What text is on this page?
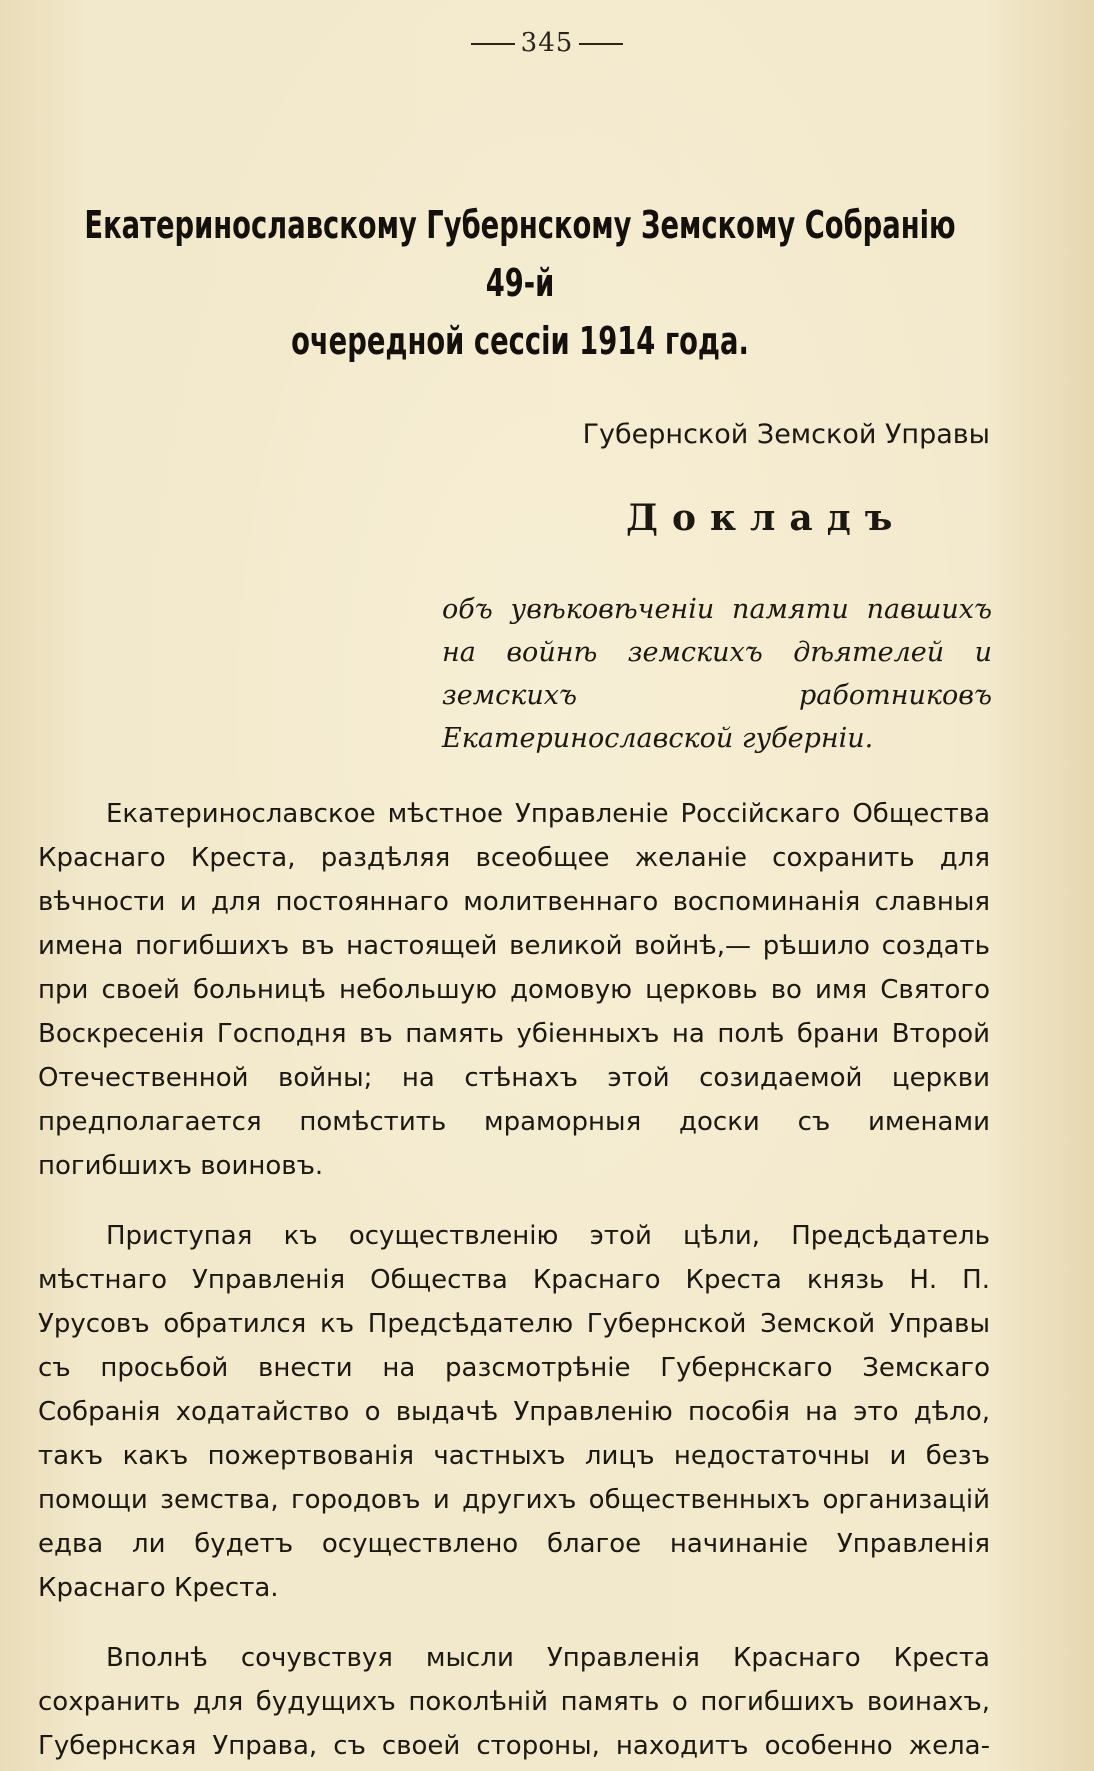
345
Екатеринославскому Губернскому Земскому Собранію 49-й
очередной сессіи 1914 года.
Губернской Земской Управы
Докладъ
объ увѣковѣченіи памяти павшихъ на войнѣ земскихъ дѣятелей и земскихъ работниковъ Екатеринославской губерніи.

Екатеринославское мѣстное Управленіе Россійскаго Общества Краснаго Креста, раздѣляя всеобщее желаніе сохранить для вѣчности и для постояннаго молитвеннаго воспоминанія славныя имена погибшихъ въ настоящей великой войнѣ,— рѣшило создать при своей больницѣ небольшую домовую церковь во имя Святого Воскресенія Господня въ память убіенныхъ на полѣ брани Второй Отечественной войны; на стѣнахъ этой созидаемой церкви предполагается помѣстить мраморныя доски съ именами погибшихъ воиновъ.

Приступая къ осуществленію этой цѣли, Предсѣдатель мѣстнаго Управленія Общества Краснаго Креста князь Н. П. Урусовъ обратился къ Предсѣдателю Губернской Земской Управы съ просьбой внести на разсмотрѣніе Губернскаго Земскаго Собранія ходатайство о выдачѣ Управленію пособія на это дѣло, такъ какъ пожертвованія частныхъ лицъ недостаточны и безъ помощи земства, городовъ и другихъ общественныхъ организацій едва ли будетъ осуществлено благое начинаніе Управленія Краснаго Креста.

Вполнѣ сочувствуя мысли Управленія Краснаго Креста сохранить для будущихъ поколѣній память о погибшихъ воинахъ, Губернская Управа, съ своей стороны, находитъ особенно жела-
